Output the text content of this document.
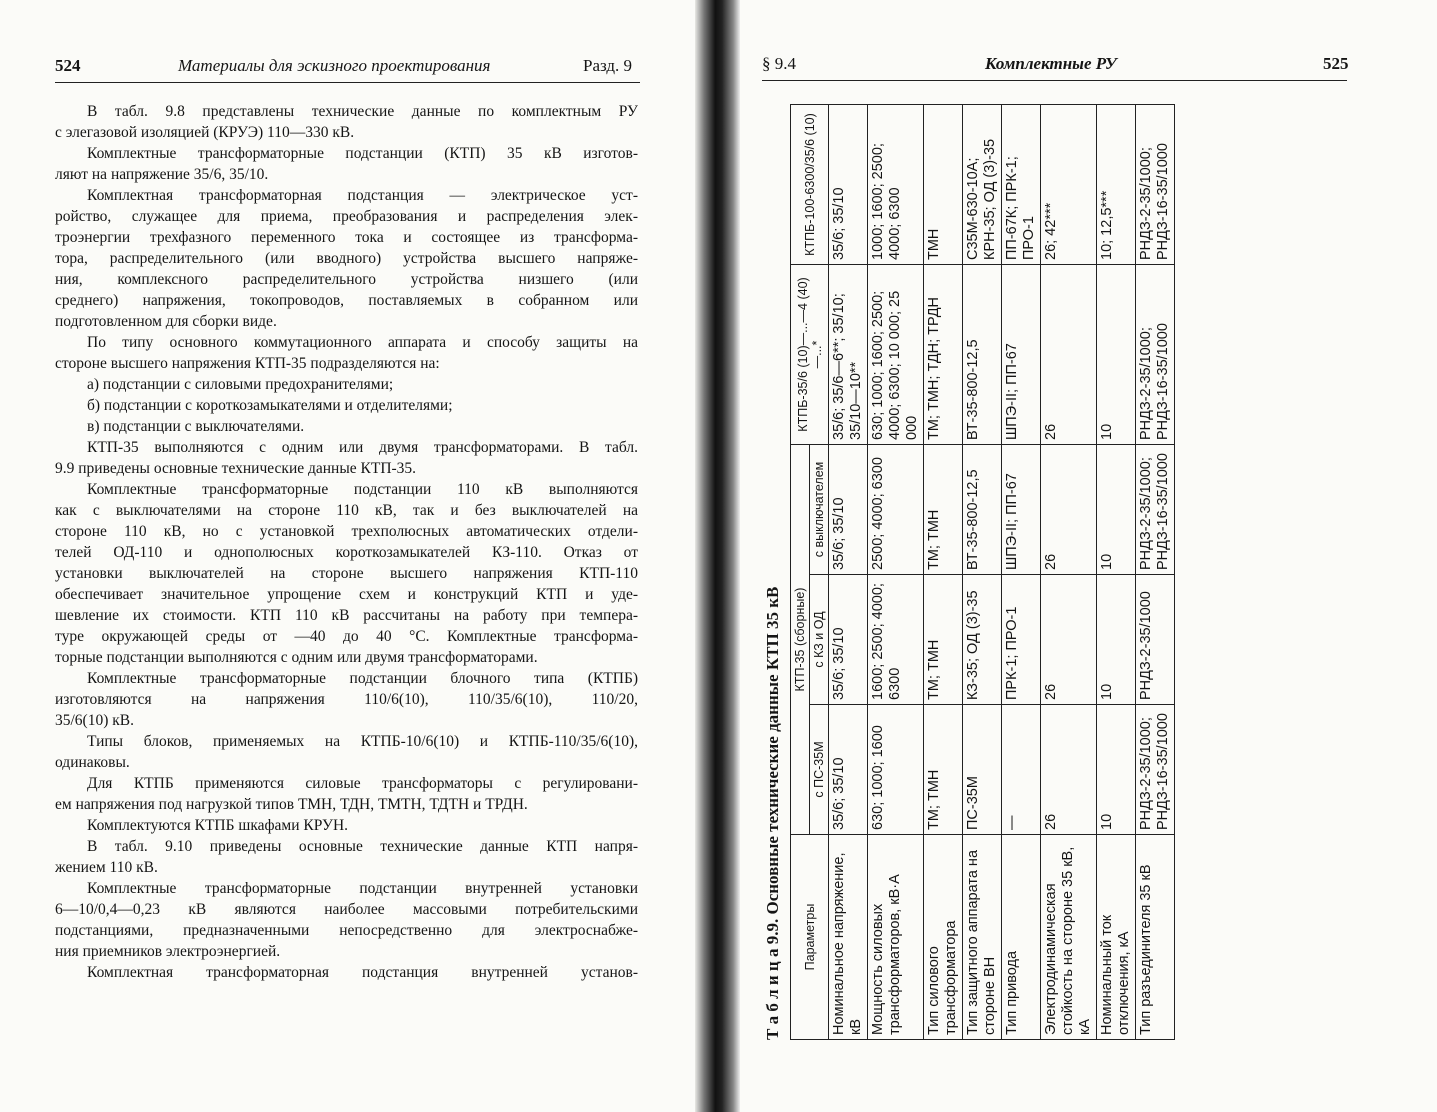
524	Материалы для эскизного проектирования	Разд. 9
В табл. 9.8 представлены технические данные по комплектным РУ
с элегазовой изоляцией (КРУЭ) 110—330 кВ.
Комплектные трансформаторные подстанции (КТП) 35 кВ изготов-
ляют на напряжение 35/6, 35/10.
Комплектная трансформаторная подстанция — электрическое уст-
ройство, служащее для приема, преобразования и распределения элек-
троэнергии трехфазного переменного тока и состоящее из трансформа-
тора, распределительного (или вводного) устройства высшего напряже-
ния, комплексного распределительного устройства низшего (или
среднего) напряжения, токопроводов, поставляемых в собранном или
подготовленном для сборки виде.
По типу основного коммутационного аппарата и способу защиты на
стороне высшего напряжения КТП-35 подразделяются на:
а) подстанции с силовыми предохранителями;
б) подстанции с короткозамыкателями и отделителями;
в) подстанции с выключателями.
КТП-35 выполняются с одним или двумя трансформаторами. В табл.
9.9 приведены основные технические данные КТП-35.
Комплектные трансформаторные подстанции 110 кВ выполняются
как с выключателями на стороне 110 кВ, так и без выключателей на
стороне 110 кВ, но с установкой трехполюсных автоматических отдели-
телей ОД-110 и однополюсных короткозамыкателей КЗ-110. Отказ от
установки выключателей на стороне высшего напряжения КТП-110
обеспечивает значительное упрощение схем и конструкций КТП и уде-
шевление их стоимости. КТП 110 кВ рассчитаны на работу при темпера-
туре окружающей среды от —40 до 40 °С. Комплектные трансформа-
торные подстанции выполняются с одним или двумя трансформаторами.
Комплектные трансформаторные подстанции блочного типа (КТПБ)
изготовляются на напряжения 110/6(10), 110/35/6(10), 110/20,
35/6(10) кВ.
Типы блоков, применяемых на КТПБ-10/6(10) и КТПБ-110/35/6(10),
одинаковы.
Для КТПБ применяются силовые трансформаторы с регулировани-
ем напряжения под нагрузкой типов ТМН, ТДН, ТМТН, ТДТН и ТРДН.
Комплектуются КТПБ шкафами КРУН.
В табл. 9.10 приведены основные технические данные КТП напря-
жением 110 кВ.
Комплектные трансформаторные подстанции внутренней установки
6—10/0,4—0,23 кВ являются наиболее массовыми потребительскими
подстанциями, предназначенными непосредственно для электроснабже-
ния приемников электроэнергией.
Комплектная трансформаторная подстанция внутренней установ-
§ 9.4	Комплектные РУ	525
Т а б л и ц а 9.9. Основные технические данные КТП 35 кВ	Параметры	КТП-35 (сборные)			КТПБ-35/6 (10)—...—4 (40)—...*	КТПБ-100-6300/35/6 (10)
	с ПС-35М	с КЗ и ОД	с выключателем		
Номинальное напряжение, кВ	35/6; 35/10	35/6; 35/10	35/6; 35/10	35/6; 35/6—6**; 35/10; 35/10—10**	35/6; 35/10
Мощность силовых трансформаторов, кВ·А	630; 1000; 1600	1600; 2500; 4000; 6300	2500; 4000; 6300	630; 1000; 1600; 2500; 4000; 6300; 10 000; 25 000	1000; 1600; 2500; 4000; 6300
Тип силового трансформатора	ТМ; ТМН	ТМ; ТМН	ТМ; ТМН	ТМ; ТМН; ТДН; ТРДН	ТМН
Тип защитного аппарата на стороне ВН	ПС-35М	КЗ-35; ОД (3)-35	ВТ-35-800-12,5	ВТ-35-800-12,5	С35М-630-10А; КРН-35; ОД (3)-35
Тип привода	—	ПРК-1; ПРО-1	ШПЭ-II; ПП-67	ШПЭ-II; ПП-67	ПП-67К; ПРК-1; ПРО-1
Электродинамическая стойкость на стороне 35 кВ, кА	26	26	26	26	26; 42***
Номинальный ток отключения, кА	10	10	10	10	10; 12,5***
Тип разъединителя 35 кВ	РНДЗ-2-35/1000; РНДЗ-16-35/1000	РНДЗ-2-35/1000	РНДЗ-2-35/1000; РНДЗ-16-35/1000	РНДЗ-2-35/1000; РНДЗ-16-35/1000	РНДЗ-2-35/1000; РНДЗ-16-35/1000
